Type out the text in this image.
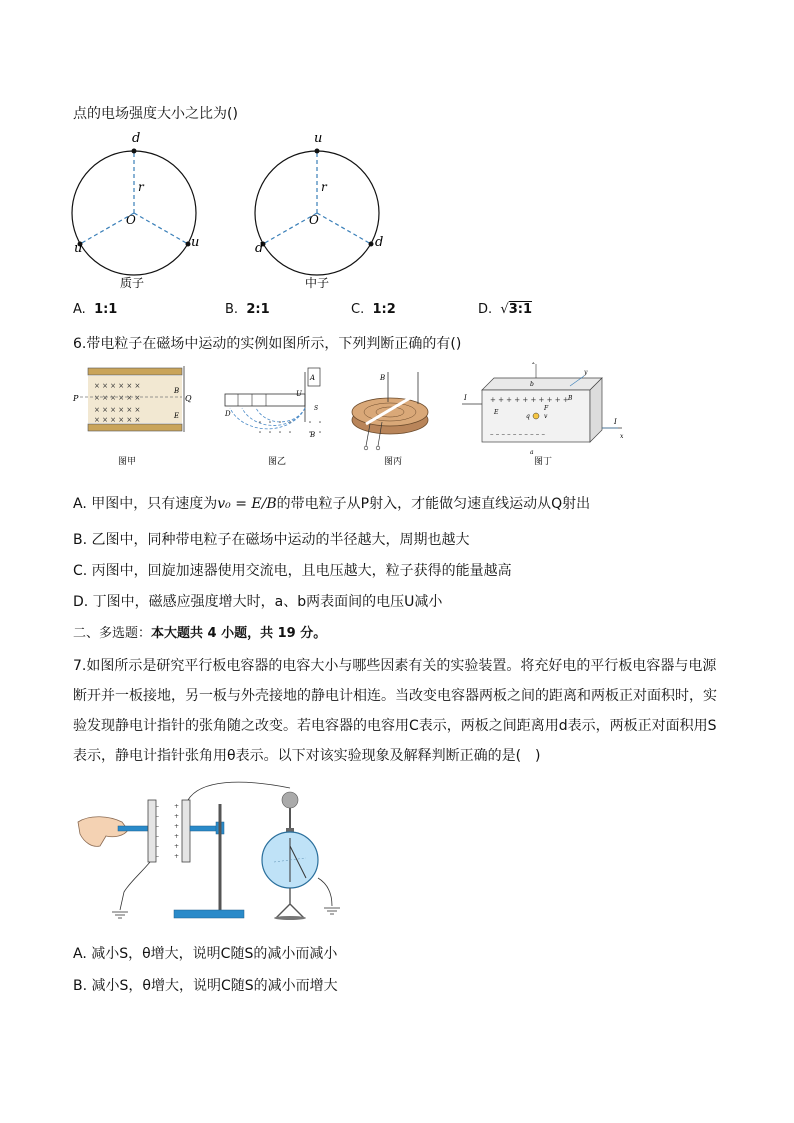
点的电场强度大小之比为()
d
u	u
r
O
质子
u
d	d
r
O
中子
A. 1:1	B. 2:1	C. 1:2	D. √3:1
6.带电粒子在磁场中运动的实例如图所示，下列判断正确的有()
× × × × × ×
× × × × × ×
× × × × × ×
× × × × × ×
P	Q
B
E
图甲
A
U
S
D
B
图乙
B
图丙
+ + + + + + + + + +
– – – – – – – – – –
I
I
q v
E
F
b
a
B
z
x
y
图丁
A. 甲图中，只有速度为v₀ = E/B的带电粒子从P射入，才能做匀速直线运动从Q射出
B. 乙图中，同种带电粒子在磁场中运动的半径越大，周期也越大
C. 丙图中，回旋加速器使用交流电，且电压越大，粒子获得的能量越高
D. 丁图中，磁感应强度增大时，a、b两表面间的电压U减小
二、多选题：本大题共 4 小题，共 19 分。
7.如图所示是研究平行板电容器的电容大小与哪些因素有关的实验装置。将充好电的平行板电容器与电源
断开并一板接地，另一板与外壳接地的静电计相连。当改变电容器两板之间的距离和两板正对面积时，实
验发现静电计指针的张角随之改变。若电容器的电容用C表示，两板之间距离用d表示，两板正对面积用S
表示，静电计指针张角用θ表示。以下对该实验现象及解释判断正确的是(　)
–
–
–
–
–
–
+
+
+
+
+
+
A. 减小S，θ增大，说明C随S的减小而减小
B. 减小S，θ增大，说明C随S的减小而增大
